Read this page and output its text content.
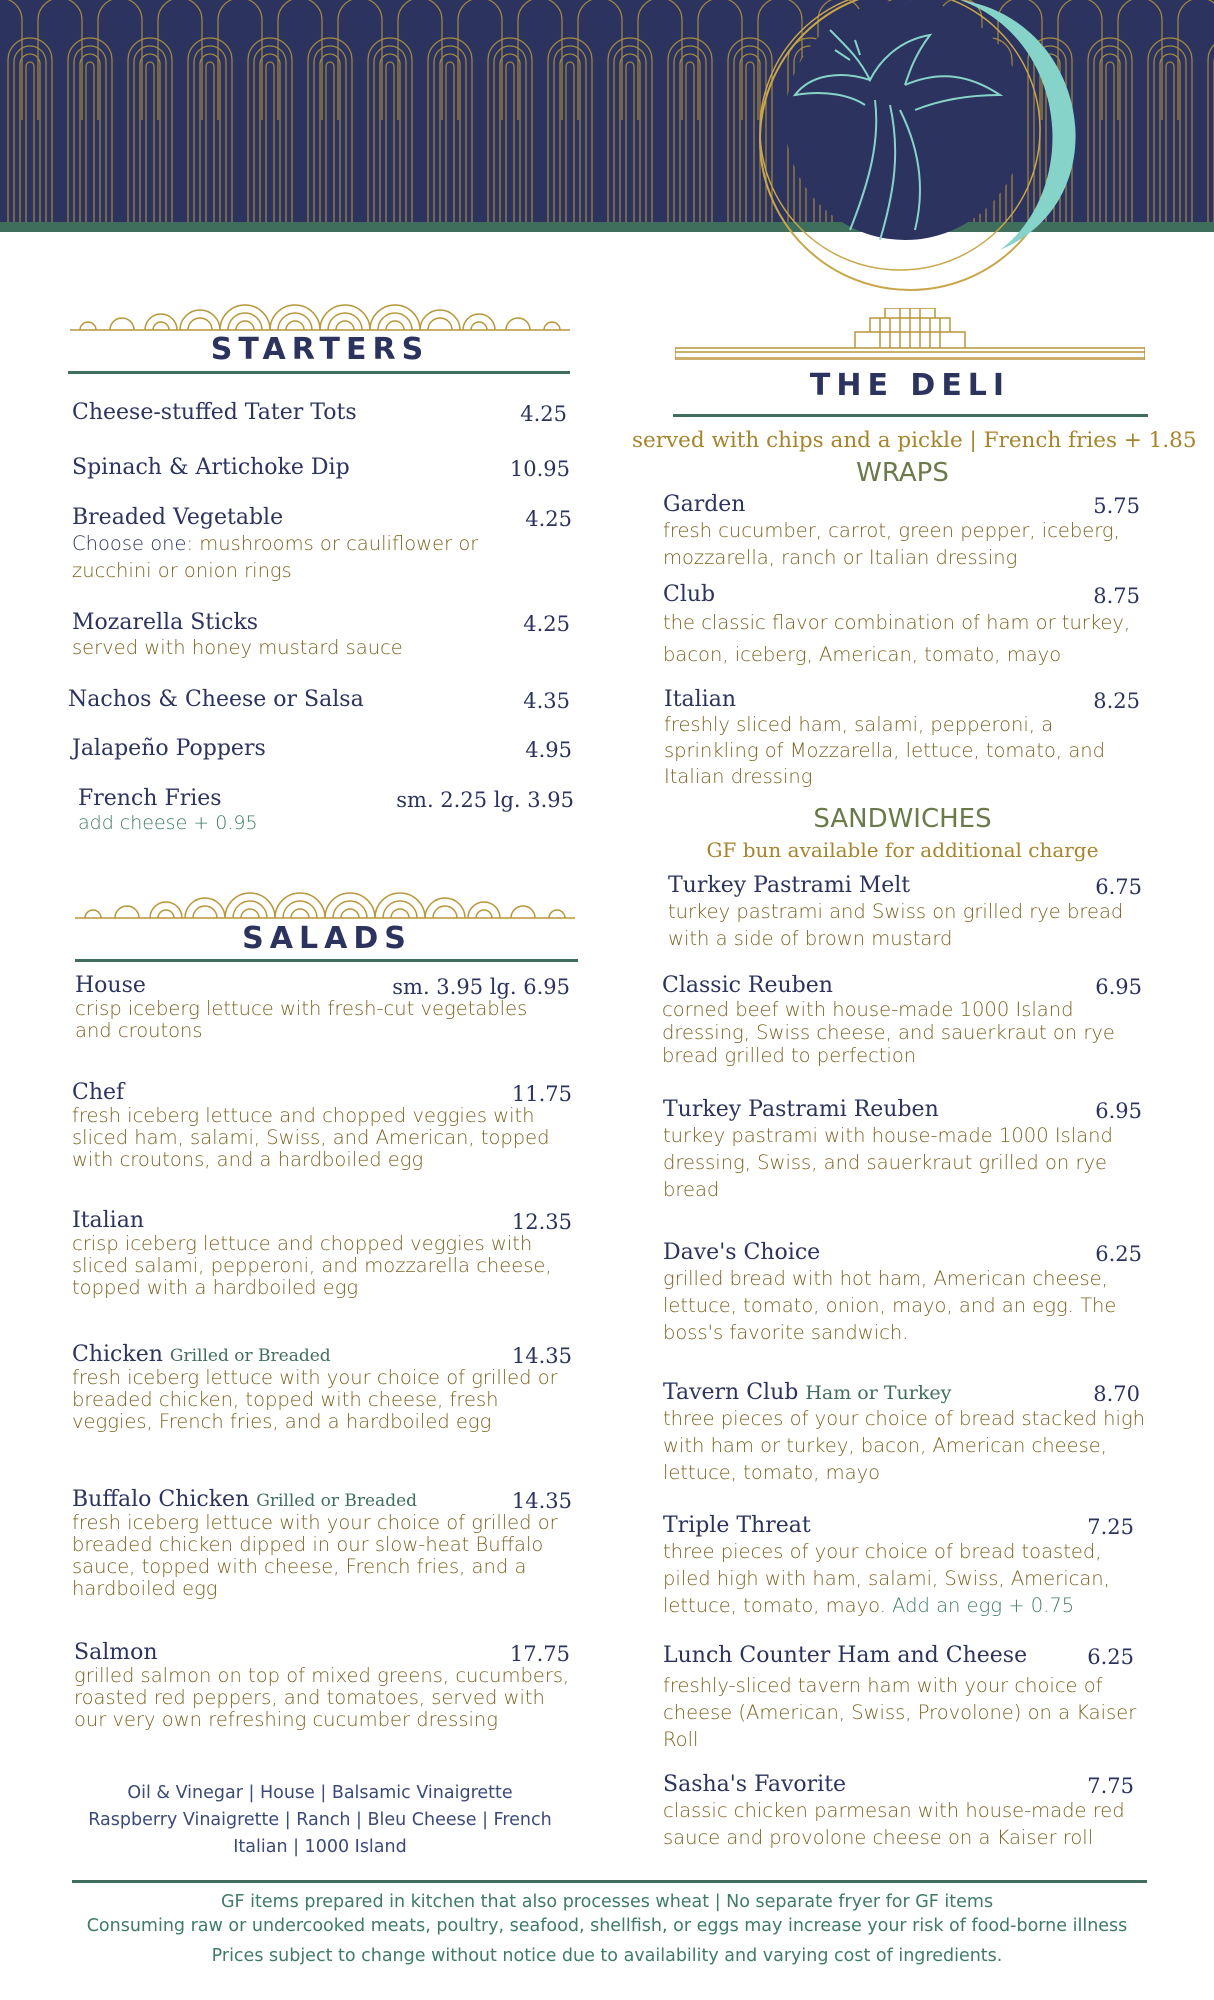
STARTERS
Cheese-stuffed Tater Tots	4.25
Spinach & Artichoke Dip	10.95
Breaded Vegetable	4.25
Choose one: mushrooms or cauliflower or zucchini or onion rings
Mozarella Sticks	4.25
served with honey mustard sauce
Nachos & Cheese or Salsa	4.35
Jalapeño Poppers	4.95
French Fries	sm. 2.25 lg. 3.95
add cheese + 0.95
SALADS
House	sm. 3.95 lg. 6.95
crisp iceberg lettuce with fresh-cut vegetables and croutons
Chef	11.75
fresh iceberg lettuce and chopped veggies with sliced ham, salami, Swiss, and American, topped with croutons, and a hardboiled egg
Italian	12.35
crisp iceberg lettuce and chopped veggies with sliced salami, pepperoni, and mozzarella cheese, topped with a hardboiled egg
Chicken Grilled or Breaded	14.35
fresh iceberg lettuce with your choice of grilled or breaded chicken, topped with cheese, fresh veggies, French fries, and a hardboiled egg
Buffalo Chicken Grilled or Breaded	14.35
fresh iceberg lettuce with your choice of grilled or breaded chicken dipped in our slow-heat Buffalo sauce, topped with cheese, French fries, and a hardboiled egg
Salmon	17.75
grilled salmon on top of mixed greens, cucumbers, roasted red peppers, and tomatoes, served with our very own refreshing cucumber dressing
Oil & Vinegar | House | Balsamic Vinaigrette
Raspberry Vinaigrette | Ranch | Bleu Cheese | French
Italian | 1000 Island
THE DELI
served with chips and a pickle | French fries + 1.85
WRAPS
Garden	5.75
fresh cucumber, carrot, green pepper, iceberg, mozzarella, ranch or Italian dressing
Club	8.75
the classic flavor combination of ham or turkey, bacon, iceberg, American, tomato, mayo
Italian	8.25
freshly sliced ham, salami, pepperoni, a sprinkling of Mozzarella, lettuce, tomato, and Italian dressing
SANDWICHES
GF bun available for additional charge
Turkey Pastrami Melt	6.75
turkey pastrami and Swiss on grilled rye bread with a side of brown mustard
Classic Reuben	6.95
corned beef with house-made 1000 Island dressing, Swiss cheese, and sauerkraut on rye bread grilled to perfection
Turkey Pastrami Reuben	6.95
turkey pastrami with house-made 1000 Island dressing, Swiss, and sauerkraut grilled on rye bread
Dave's Choice	6.25
grilled bread with hot ham, American cheese, lettuce, tomato, onion, mayo, and an egg. The boss's favorite sandwich.
Tavern Club Ham or Turkey	8.70
three pieces of your choice of bread stacked high with ham or turkey, bacon, American cheese, lettuce, tomato, mayo
Triple Threat	7.25
three pieces of your choice of bread toasted, piled high with ham, salami, Swiss, American, lettuce, tomato, mayo. Add an egg + 0.75
Lunch Counter Ham and Cheese	6.25
freshly-sliced tavern ham with your choice of cheese (American, Swiss, Provolone) on a Kaiser Roll
Sasha's Favorite	7.75
classic chicken parmesan with house-made red sauce and provolone cheese on a Kaiser roll
GF items prepared in kitchen that also processes wheat | No separate fryer for GF items
Consuming raw or undercooked meats, poultry, seafood, shellfish, or eggs may increase your risk of food-borne illness
Prices subject to change without notice due to availability and varying cost of ingredients.
